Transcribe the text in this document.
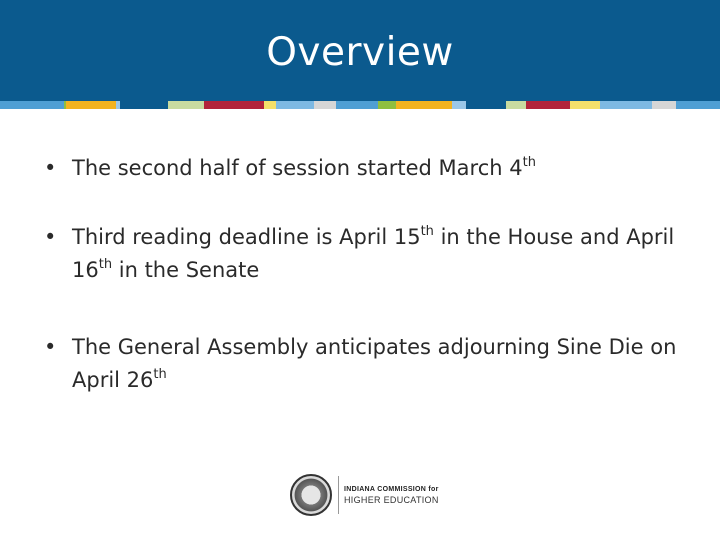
Overview
• The second half of session started March 4th
• Third reading deadline is April 15th in the House and April 16th in the Senate
• The General Assembly anticipates adjourning Sine Die on April 26th
INDIANA COMMISSION for
HIGHER EDUCATION
